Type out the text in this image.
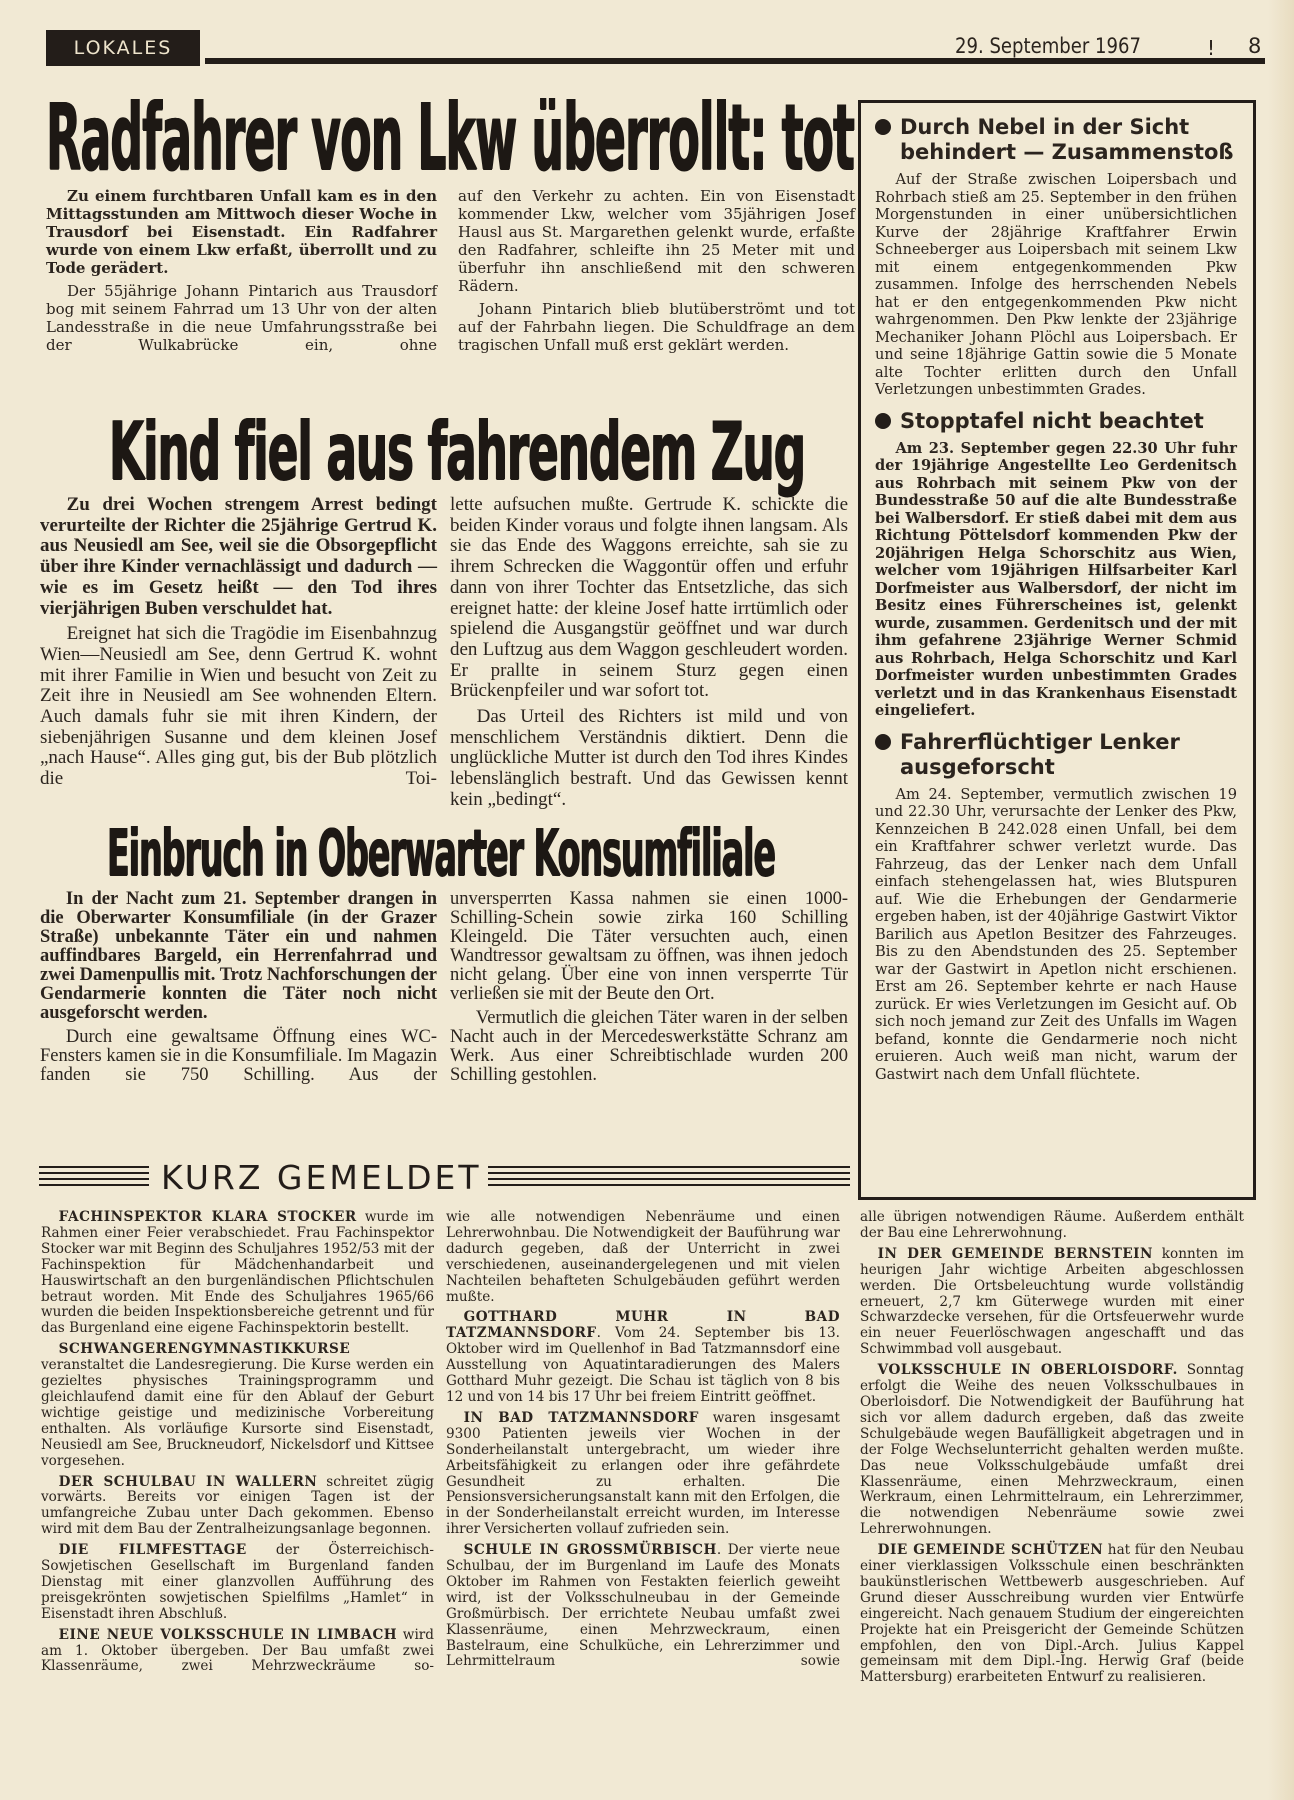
LOKALES	29. September 1967	! 8
Radfahrer von Lkw überrollt: tot

Zu einem furchtbaren Unfall kam es in den Mittagsstunden am Mittwoch dieser Woche in Trausdorf bei Eisenstadt. Ein Radfahrer wurde von einem Lkw erfaßt, überrollt und zu Tode gerädert.

Der 55jährige Johann Pintarich aus Trausdorf bog mit seinem Fahrrad um 13 Uhr von der alten Landesstraße in die neue Umfahrungsstraße bei der Wulkabrücke ein, ohne

auf den Verkehr zu achten. Ein von Eisenstadt kommender Lkw, welcher vom 35jährigen Josef Hausl aus St. Margarethen gelenkt wurde, erfaßte den Radfahrer, schleifte ihn 25 Meter mit und überfuhr ihn anschließend mit den schweren Rädern.

Johann Pintarich blieb blutüberströmt und tot auf der Fahrbahn liegen. Die Schuldfrage an dem tragischen Unfall muß erst geklärt werden.

Kind fiel aus fahrendem Zug

Zu drei Wochen strengem Arrest bedingt verurteilte der Richter die 25jährige Gertrud K. aus Neusiedl am See, weil sie die Obsorgepflicht über ihre Kinder vernachlässigt und dadurch — wie es im Gesetz heißt — den Tod ihres vierjährigen Buben verschuldet hat.

Ereignet hat sich die Tragödie im Eisenbahnzug Wien—Neusiedl am See, denn Gertrud K. wohnt mit ihrer Familie in Wien und besucht von Zeit zu Zeit ihre in Neusiedl am See wohnenden Eltern. Auch damals fuhr sie mit ihren Kindern, der siebenjährigen Susanne und dem kleinen Josef „nach Hause“. Alles ging gut, bis der Bub plötzlich die Toi-

lette aufsuchen mußte. Gertrude K. schickte die beiden Kinder voraus und folgte ihnen langsam. Als sie das Ende des Waggons erreichte, sah sie zu ihrem Schrecken die Waggontür offen und erfuhr dann von ihrer Tochter das Entsetzliche, das sich ereignet hatte: der kleine Josef hatte irrtümlich oder spielend die Ausgangstür geöffnet und war durch den Luftzug aus dem Waggon geschleudert worden. Er prallte in seinem Sturz gegen einen Brückenpfeiler und war sofort tot.

Das Urteil des Richters ist mild und von menschlichem Verständnis diktiert. Denn die unglückliche Mutter ist durch den Tod ihres Kindes lebenslänglich bestraft. Und das Gewissen kennt kein „bedingt“.

Einbruch in Oberwarter Konsumfiliale

In der Nacht zum 21. September drangen in die Oberwarter Konsumfiliale (in der Grazer Straße) unbekannte Täter ein und nahmen auffindbares Bargeld, ein Herrenfahrrad und zwei Damenpullis mit. Trotz Nachforschungen der Gendarmerie konnten die Täter noch nicht ausgeforscht werden.

Durch eine gewaltsame Öffnung eines WC-Fensters kamen sie in die Konsumfiliale. Im Magazin fanden sie 750 Schilling. Aus der

unversperrten Kassa nahmen sie einen 1000-Schilling-Schein sowie zirka 160 Schilling Kleingeld. Die Täter versuchten auch, einen Wandtressor gewaltsam zu öffnen, was ihnen jedoch nicht gelang. Über eine von innen versperrte Tür verließen sie mit der Beute den Ort.

Vermutlich die gleichen Täter waren in der selben Nacht auch in der Mercedeswerkstätte Schranz am Werk. Aus einer Schreibtischlade wurden 200 Schilling gestohlen.

Durch Nebel in der Sicht behindert — Zusammenstoß

Auf der Straße zwischen Loipersbach und Rohrbach stieß am 25. September in den frühen Morgenstunden in einer unübersichtlichen Kurve der 28jährige Kraftfahrer Erwin Schneeberger aus Loipersbach mit seinem Lkw mit einem entgegenkommenden Pkw zusammen. Infolge des herrschenden Nebels hat er den entgegenkommenden Pkw nicht wahrgenommen. Den Pkw lenkte der 23jährige Mechaniker Johann Plöchl aus Loipersbach. Er und seine 18jährige Gattin sowie die 5 Monate alte Tochter erlitten durch den Unfall Verletzungen unbestimmten Grades.

Stopptafel nicht beachtet

Am 23. September gegen 22.30 Uhr fuhr der 19jährige Angestellte Leo Gerdenitsch aus Rohrbach mit seinem Pkw von der Bundesstraße 50 auf die alte Bundesstraße bei Walbersdorf. Er stieß dabei mit dem aus Richtung Pöttelsdorf kommenden Pkw der 20jährigen Helga Schorschitz aus Wien, welcher vom 19jährigen Hilfsarbeiter Karl Dorfmeister aus Walbersdorf, der nicht im Besitz eines Führerscheines ist, gelenkt wurde, zusammen. Gerdenitsch und der mit ihm gefahrene 23jährige Werner Schmid aus Rohrbach, Helga Schorschitz und Karl Dorfmeister wurden unbestimmten Grades verletzt und in das Krankenhaus Eisenstadt eingeliefert.

Fahrerflüchtiger Lenker ausgeforscht

Am 24. September, vermutlich zwischen 19 und 22.30 Uhr, verursachte der Lenker des Pkw, Kennzeichen B 242.028 einen Unfall, bei dem ein Kraftfahrer schwer verletzt wurde. Das Fahrzeug, das der Lenker nach dem Unfall einfach stehengelassen hat, wies Blutspuren auf. Wie die Erhebungen der Gendarmerie ergeben haben, ist der 40jährige Gastwirt Viktor Barilich aus Apetlon Besitzer des Fahrzeuges. Bis zu den Abendstunden des 25. September war der Gastwirt in Apetlon nicht erschienen. Erst am 26. September kehrte er nach Hause zurück. Er wies Verletzungen im Gesicht auf. Ob sich noch jemand zur Zeit des Unfalls im Wagen befand, konnte die Gendarmerie noch nicht eruieren. Auch weiß man nicht, warum der Gastwirt nach dem Unfall flüchtete.

KURZ GEMELDET

FACHINSPEKTOR KLARA STOCKER wurde im Rahmen einer Feier verabschiedet. Frau Fachinspektor Stocker war mit Beginn des Schuljahres 1952/53 mit der Fachinspektion für Mädchenhandarbeit und Hauswirtschaft an den burgenländischen Pflichtschulen betraut worden. Mit Ende des Schuljahres 1965/66 wurden die beiden Inspektionsbereiche getrennt und für das Burgenland eine eigene Fachinspektorin bestellt.

SCHWANGERENGYMNASTIKKURSE veranstaltet die Landesregierung. Die Kurse werden ein gezieltes physisches Trainingsprogramm und gleichlaufend damit eine für den Ablauf der Geburt wichtige geistige und medizinische Vorbereitung enthalten. Als vorläufige Kursorte sind Eisenstadt, Neusiedl am See, Bruckneudorf, Nickelsdorf und Kittsee vorgesehen.

DER SCHULBAU IN WALLERN schreitet zügig vorwärts. Bereits vor einigen Tagen ist der umfangreiche Zubau unter Dach gekommen. Ebenso wird mit dem Bau der Zentralheizungsanlage begonnen.

DIE FILMFESTTAGE der Österreichisch-Sowjetischen Gesellschaft im Burgenland fanden Dienstag mit einer glanzvollen Aufführung des preisgekrönten sowjetischen Spielfilms „Hamlet“ in Eisenstadt ihren Abschluß.

EINE NEUE VOLKSSCHULE IN LIMBACH wird am 1. Oktober übergeben. Der Bau umfaßt zwei Klassenräume, zwei Mehrzweckräume so-

wie alle notwendigen Nebenräume und einen Lehrerwohnbau. Die Notwendigkeit der Bauführung war dadurch gegeben, daß der Unterricht in zwei verschiedenen, auseinandergelegenen und mit vielen Nachteilen behafteten Schulgebäuden geführt werden mußte.

GOTTHARD MUHR IN BAD TATZMANNSDORF. Vom 24. September bis 13. Oktober wird im Quellenhof in Bad Tatzmannsdorf eine Ausstellung von Aquatintaradierungen des Malers Gotthard Muhr gezeigt. Die Schau ist täglich von 8 bis 12 und von 14 bis 17 Uhr bei freiem Eintritt geöffnet.

IN BAD TATZMANNSDORF waren insgesamt 9300 Patienten jeweils vier Wochen in der Sonderheilanstalt untergebracht, um wieder ihre Arbeitsfähigkeit zu erlangen oder ihre gefährdete Gesundheit zu erhalten. Die Pensionsversicherungsanstalt kann mit den Erfolgen, die in der Sonderheilanstalt erreicht wurden, im Interesse ihrer Versicherten vollauf zufrieden sein.

SCHULE IN GROSSMÜRBISCH. Der vierte neue Schulbau, der im Burgenland im Laufe des Monats Oktober im Rahmen von Festakten feierlich geweiht wird, ist der Volksschulneubau in der Gemeinde Großmürbisch. Der errichtete Neubau umfaßt zwei Klassenräume, einen Mehrzweckraum, einen Bastelraum, eine Schulküche, ein Lehrerzimmer und Lehrmittelraum sowie

alle übrigen notwendigen Räume. Außerdem enthält der Bau eine Lehrerwohnung.

IN DER GEMEINDE BERNSTEIN konnten im heurigen Jahr wichtige Arbeiten abgeschlossen werden. Die Ortsbeleuchtung wurde vollständig erneuert, 2,7 km Güterwege wurden mit einer Schwarzdecke versehen, für die Ortsfeuerwehr wurde ein neuer Feuerlöschwagen angeschafft und das Schwimmbad voll ausgebaut.

VOLKSSCHULE IN OBERLOISDORF. Sonntag erfolgt die Weihe des neuen Volksschulbaues in Oberloisdorf. Die Notwendigkeit der Bauführung hat sich vor allem dadurch ergeben, daß das zweite Schulgebäude wegen Baufälligkeit abgetragen und in der Folge Wechselunterricht gehalten werden mußte. Das neue Volksschulgebäude umfaßt drei Klassenräume, einen Mehrzweckraum, einen Werkraum, einen Lehrmittelraum, ein Lehrerzimmer, die notwendigen Nebenräume sowie zwei Lehrerwohnungen.

DIE GEMEINDE SCHÜTZEN hat für den Neubau einer vierklassigen Volksschule einen beschränkten baukünstlerischen Wettbewerb ausgeschrieben. Auf Grund dieser Ausschreibung wurden vier Entwürfe eingereicht. Nach genauem Studium der eingereichten Projekte hat ein Preisgericht der Gemeinde Schützen empfohlen, den von Dipl.-Arch. Julius Kappel gemeinsam mit dem Dipl.-Ing. Herwig Graf (beide Mattersburg) erarbeiteten Entwurf zu realisieren.
